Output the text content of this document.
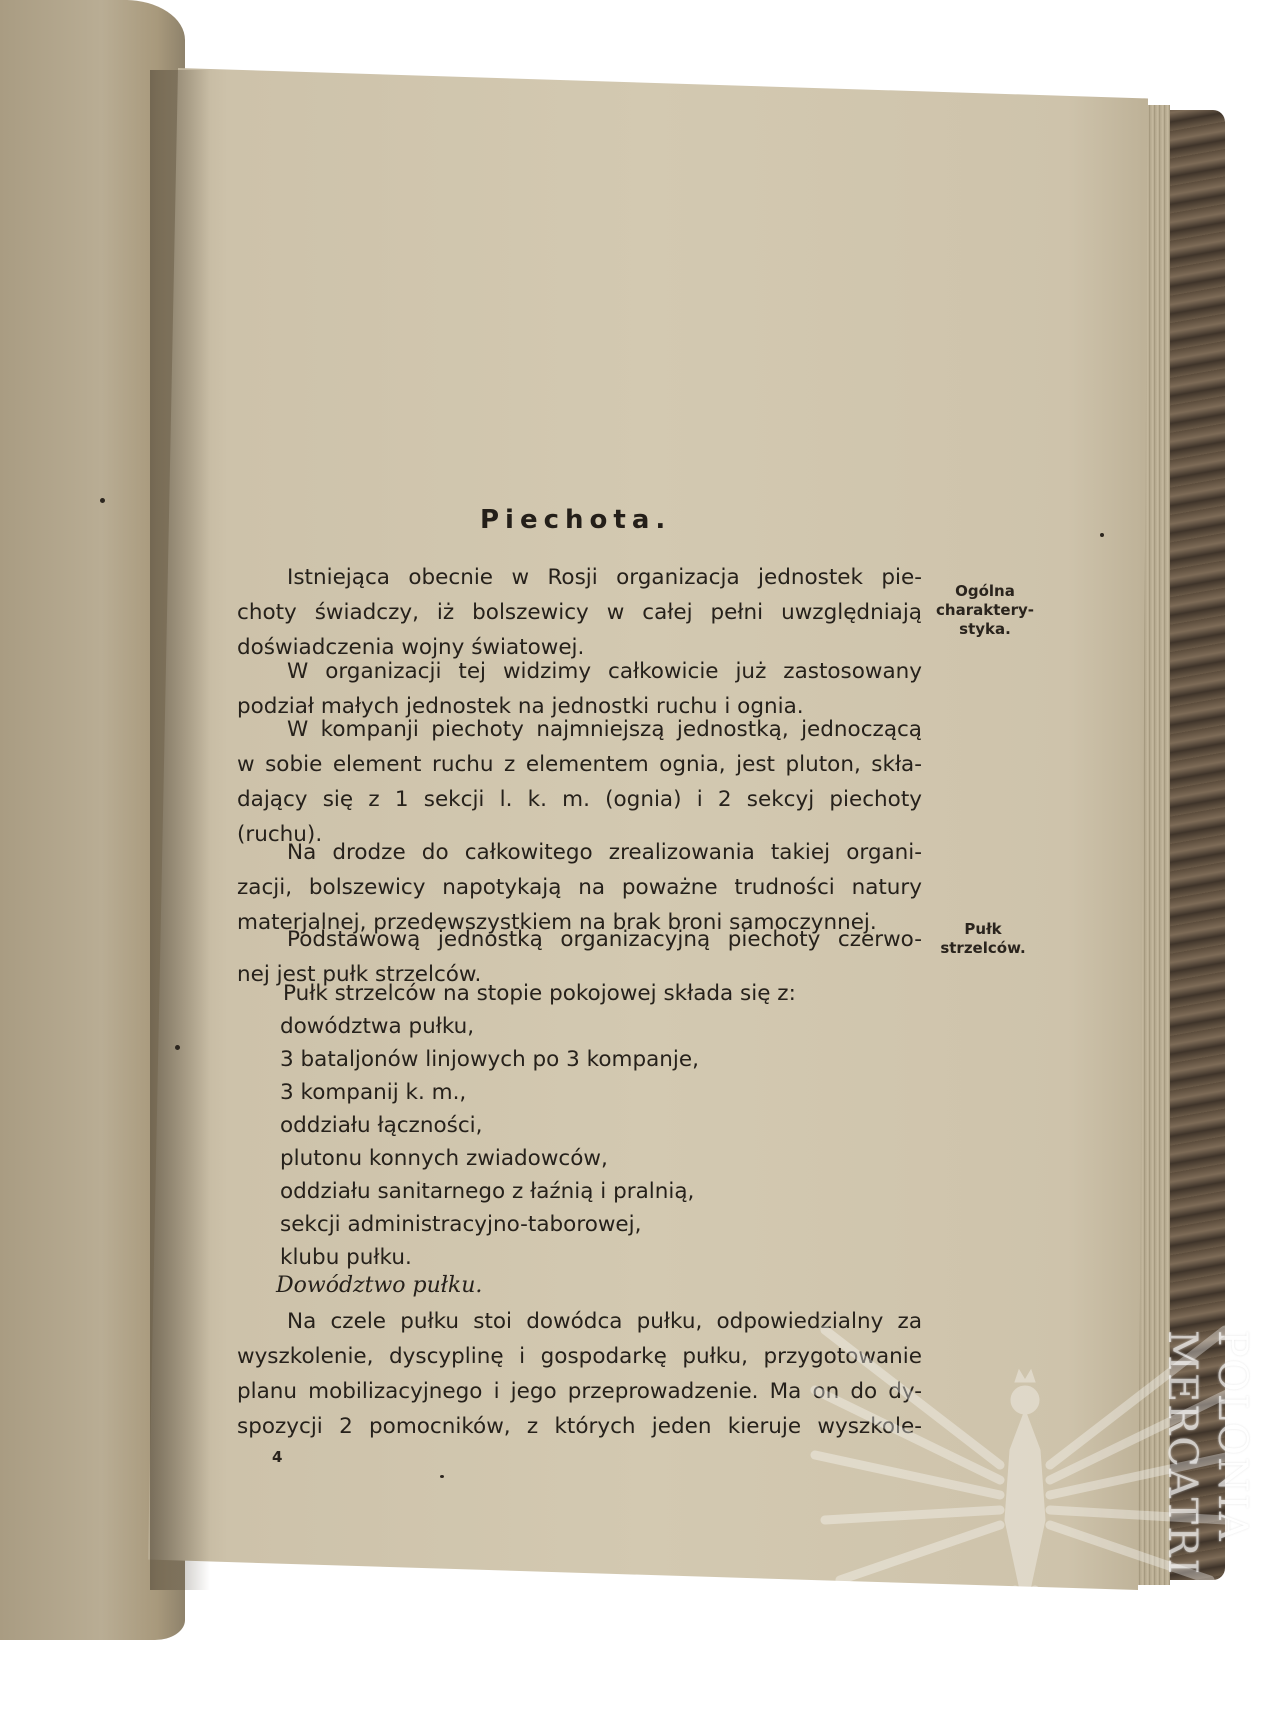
Piechota.
Ogólna
charaktery-
styka.
Pułk
strzelców.
Istniejąca obecnie w Rosji organizacja jednostek pie-
choty świadczy, iż bolszewicy w całej pełni uwzględniają
doświadczenia wojny światowej.
W organizacji tej widzimy całkowicie już zastosowany
podział małych jednostek na jednostki ruchu i ognia.
W kompanji piechoty najmniejszą jednostką, jednoczącą
w sobie element ruchu z elementem ognia, jest pluton, skła-
dający się z 1 sekcji l. k. m. (ognia) i 2 sekcyj piechoty
(ruchu).
Na drodze do całkowitego zrealizowania takiej organi-
zacji, bolszewicy napotykają na poważne trudności natury
materjalnej, przedewszystkiem na brak broni samoczynnej.
Podstawową jednostką organizacyjną piechoty czerwo-
nej jest pułk strzelców.
Pułk strzelców na stopie pokojowej składa się z:
dowództwa pułku,
3 bataljonów linjowych po 3 kompanje,
3 kompanij k. m.,
oddziału łączności,
plutonu konnych zwiadowców,
oddziału sanitarnego z łaźnią i pralnią,
sekcji administracyjno-taborowej,
klubu pułku.
Dowództwo pułku.
Na czele pułku stoi dowódca pułku, odpowiedzialny za
wyszkolenie, dyscyplinę i gospodarkę pułku, przygotowanie
planu mobilizacyjnego i jego przeprowadzenie. Ma on do dy-
spozycji 2 pomocników, z których jeden kieruje wyszkole-
4	MERCATRI POLONIA
